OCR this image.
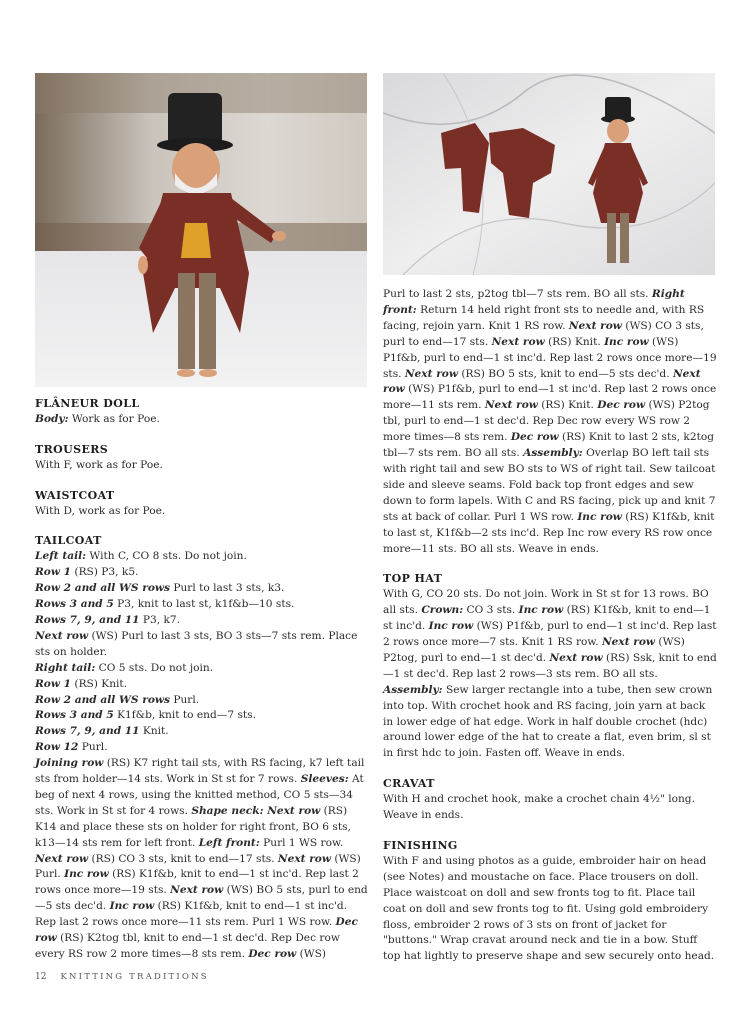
FLÂNEUR DOLL

Body: Work as for Poe.

TROUSERS

With F, work as for Poe.

WAISTCOAT

With D, work as for Poe.

TAILCOAT

Left tail: With C, CO 8 sts. Do not join.

Row 1 (RS) P3, k5.

Row 2 and all WS rows Purl to last 3 sts, k3.

Rows 3 and 5 P3, knit to last st, k1f&b—10 sts.

Rows 7, 9, and 11 P3, k7.

Next row (WS) Purl to last 3 sts, BO 3 sts—7 sts rem. Place sts on holder.

Right tail: CO 5 sts. Do not join.

Row 1 (RS) Knit.

Row 2 and all WS rows Purl.

Rows 3 and 5 K1f&b, knit to end—7 sts.

Rows 7, 9, and 11 Knit.

Row 12 Purl.

Joining row (RS) K7 right tail sts, with RS facing, k7 left tail sts from holder—14 sts. Work in St st for 7 rows. Sleeves: At beg of next 4 rows, using the knitted method, CO 5 sts—34 sts. Work in St st for 4 rows. Shape neck: Next row (RS) K14 and place these sts on holder for right front, BO 6 sts, k13—14 sts rem for left front. Left front: Purl 1 WS row. Next row (RS) CO 3 sts, knit to end—17 sts. Next row (WS) Purl. Inc row (RS) K1f&b, knit to end—1 st inc'd. Rep last 2 rows once more—19 sts. Next row (WS) BO 5 sts, purl to end—5 sts dec'd. Inc row (RS) K1f&b, knit to end—1 st inc'd. Rep last 2 rows once more—11 sts rem. Purl 1 WS row. Dec row (RS) K2tog tbl, knit to end—1 st dec'd. Rep Dec row every RS row 2 more times—8 sts rem. Dec row (WS)

Purl to last 2 sts, p2tog tbl—7 sts rem. BO all sts. Right front: Return 14 held right front sts to needle and, with RS facing, rejoin yarn. Knit 1 RS row. Next row (WS) CO 3 sts, purl to end—17 sts. Next row (RS) Knit. Inc row (WS) P1f&b, purl to end—1 st inc'd. Rep last 2 rows once more—19 sts. Next row (RS) BO 5 sts, knit to end—5 sts dec'd. Next row (WS) P1f&b, purl to end—1 st inc'd. Rep last 2 rows once more—11 sts rem. Next row (RS) Knit. Dec row (WS) P2tog tbl, purl to end—1 st dec'd. Rep Dec row every WS row 2 more times—8 sts rem. Dec row (RS) Knit to last 2 sts, k2tog tbl—7 sts rem. BO all sts. Assembly: Overlap BO left tail sts with right tail and sew BO sts to WS of right tail. Sew tailcoat side and sleeve seams. Fold back top front edges and sew down to form lapels. With C and RS facing, pick up and knit 7 sts at back of collar. Purl 1 WS row. Inc row (RS) K1f&b, knit to last st, K1f&b—2 sts inc'd. Rep Inc row every RS row once more—11 sts. BO all sts. Weave in ends.

TOP HAT

With G, CO 20 sts. Do not join. Work in St st for 13 rows. BO all sts. Crown: CO 3 sts. Inc row (RS) K1f&b, knit to end—1 st inc'd. Inc row (WS) P1f&b, purl to end—1 st inc'd. Rep last 2 rows once more—7 sts. Knit 1 RS row. Next row (WS) P2tog, purl to end—1 st dec'd. Next row (RS) Ssk, knit to end—1 st dec'd. Rep last 2 rows—3 sts rem. BO all sts. Assembly: Sew larger rectangle into a tube, then sew crown into top. With crochet hook and RS facing, join yarn at back in lower edge of hat edge. Work in half double crochet (hdc) around lower edge of the hat to create a flat, even brim, sl st in first hdc to join. Fasten off. Weave in ends.

CRAVAT

With H and crochet hook, make a crochet chain 4½" long. Weave in ends.

FINISHING

With F and using photos as a guide, embroider hair on head (see Notes) and moustache on face. Place trousers on doll. Place waistcoat on doll and sew fronts tog to fit. Place tail coat on doll and sew fronts tog to fit. Using gold embroidery floss, embroider 2 rows of 3 sts on front of jacket for "buttons." Wrap cravat around neck and tie in a bow. Stuff top hat lightly to preserve shape and sew securely onto head.

12 KNITTING TRADITIONS
